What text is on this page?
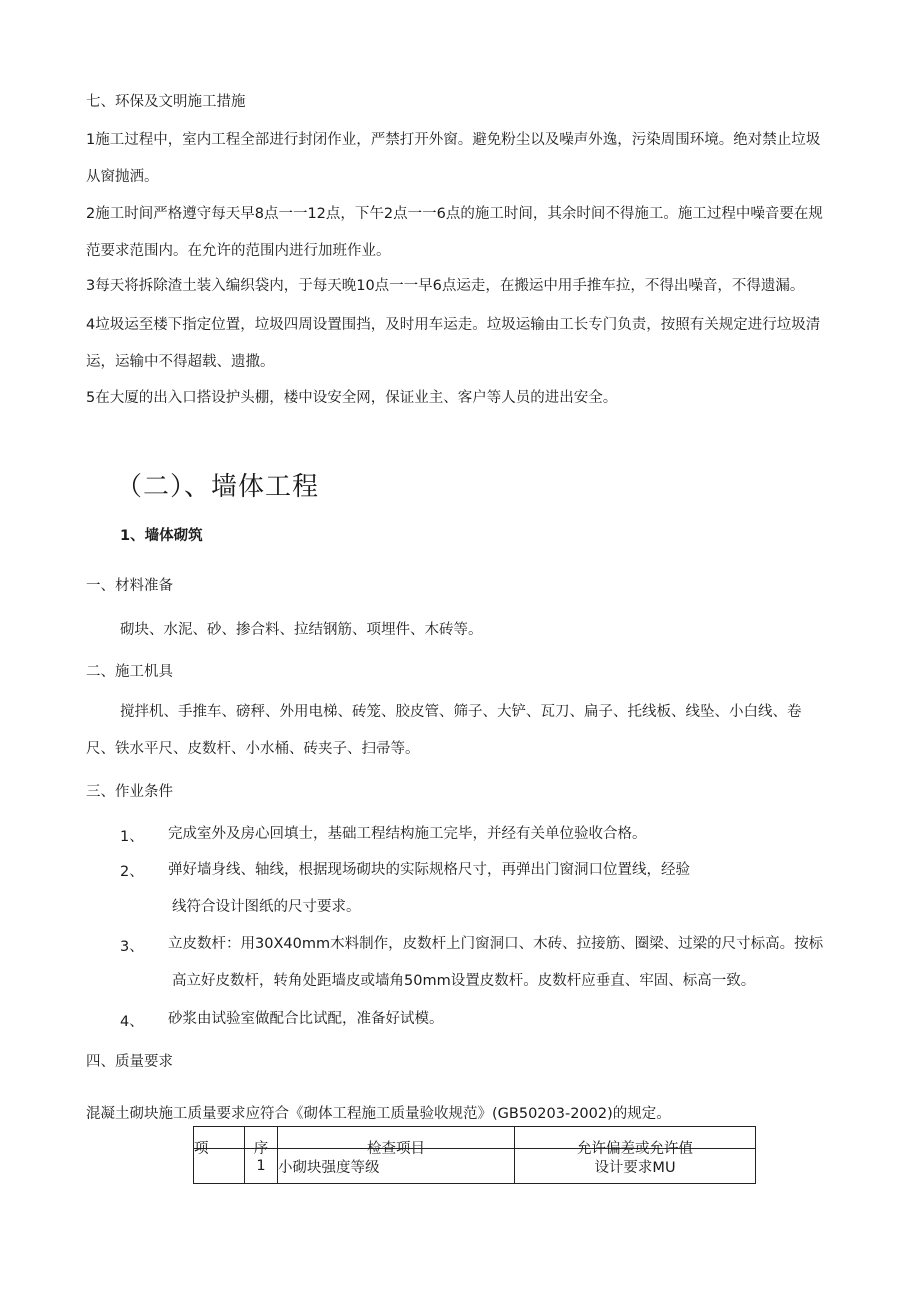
七、环保及文明施工措施
1施工过程中，室内工程全部进行封闭作业，严禁打开外窗。避免粉尘以及噪声外逸，污染周围环境。绝对禁止垃圾
从窗抛洒。
2施工时间严格遵守每天早8点一一12点，下午2点一一6点的施工时间，其余时间不得施工。施工过程中噪音要在规
范要求范围内。在允许的范围内进行加班作业。
3每天将拆除渣土装入编织袋内，于每天晚10点一一早6点运走，在搬运中用手推车拉，不得出噪音，不得遗漏。
4垃圾运至楼下指定位置，垃圾四周设置围挡，及时用车运走。垃圾运输由工长专门负责，按照有关规定进行垃圾清
运，运输中不得超载、遗撒。
5在大厦的出入口搭设护头棚，楼中设安全网，保证业主、客户等人员的进出安全。
（二）、墙体工程
1、墙体砌筑
一、材料准备
砌块、水泥、砂、掺合料、拉结钢筋、项埋件、木砖等。
二、施工机具
搅拌机、手推车、磅秤、外用电梯、砖笼、胶皮管、筛子、大铲、瓦刀、扁子、托线板、线坠、小白线、卷
尺、铁水平尺、皮数杆、小水桶、砖夹子、扫帚等。
三、作业条件
1、 完成室外及房心回填士，基础工程结构施工完毕，并经有关单位验收合格。
2、 弹好墙身线、轴线，根据现场砌块的实际规格尺寸，再弹出门窗洞口位置线，经验
线符合设计图纸的尺寸要求。
3、 立皮数杆：用30X40mm木料制作，皮数杆上门窗洞口、木砖、拉接筋、圈梁、过梁的尺寸标高。按标
高立好皮数杆，转角处距墙皮或墙角50mm设置皮数杆。皮数杆应垂直、牢固、标高一致。
4、 砂浆由试验室做配合比试配，准备好试模。
四、质量要求
混凝土砌块施工质量要求应符合《砌体工程施工质量验收规范》(GB50203-2002)的规定。
项	序	检查项目	允许偏差或允许值
	1	小砌块强度等级	设计要求MU
